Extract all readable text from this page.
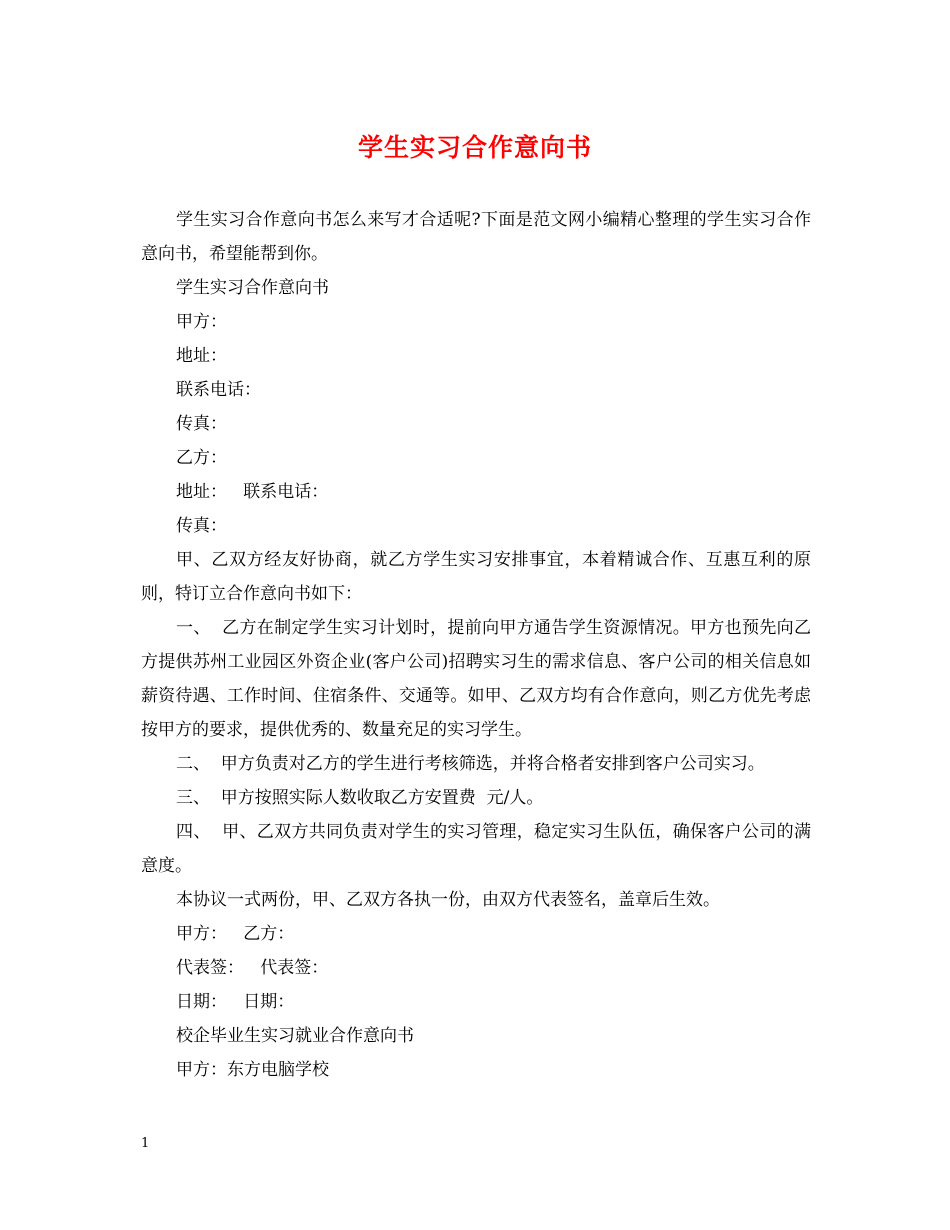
学生实习合作意向书

学生实习合作意向书怎么来写才合适呢?下面是范文网小编精心整理的学生实习合作意向书，希望能帮到你。

学生实习合作意向书

甲方：

地址：

联系电话：

传真：

乙方：

地址：   联系电话：

传真：

甲、乙双方经友好协商，就乙方学生实习安排事宜，本着精诚合作、互惠互利的原则，特订立合作意向书如下：

一、  乙方在制定学生实习计划时，提前向甲方通告学生资源情况。甲方也预先向乙方提供苏州工业园区外资企业(客户公司)招聘实习生的需求信息、客户公司的相关信息如薪资待遇、工作时间、住宿条件、交通等。如甲、乙双方均有合作意向，则乙方优先考虑按甲方的要求，提供优秀的、数量充足的实习学生。

二、  甲方负责对乙方的学生进行考核筛选，并将合格者安排到客户公司实习。

三、  甲方按照实际人数收取乙方安置费  元/人。

四、  甲、乙双方共同负责对学生的实习管理，稳定实习生队伍，确保客户公司的满意度。

本协议一式两份，甲、乙双方各执一份，由双方代表签名，盖章后生效。

甲方：   乙方：

代表签：   代表签：

日期：   日期：

校企毕业生实习就业合作意向书

甲方：东方电脑学校

1
